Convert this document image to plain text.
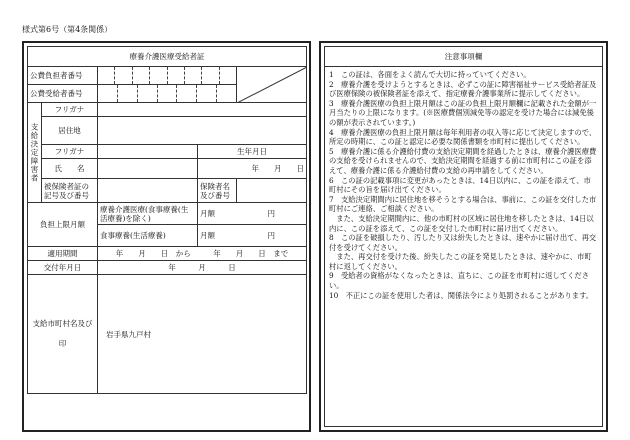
様式第6号（第4条関係）
療養介護医療受給者証				
公費負担者番号	

公費受給者番号				

支給決定障害者	フリガナ			
	居住地			
	フリガナ		生年月日	
	氏　　名		年　　月　　日	
	被保険者証の記号及び番号		保険者名及び番号	

負担上限月額		療養介護医療(食事療養(生活療養)を除く)	月額　　　　　　　円	
		食事療養(生活療養)	月額　　　　　　　円	
適用期間		年　　月　　日　から　　　年　　月　　日　まで		
交付年月日		年　　　月　　　日		
支給市町村名及び印		岩手県九戸村		
注意事項欄

1　この証は、各面をよく読んで大切に持っていてください。

2　療養介護を受けようとするときは、必ずこの証に障害福祉サービス受給者証及び医療保険の被保険者証を添えて、指定療養介護事業所に提示してください。

3　療養介護医療の負担上限月額はこの証の負担上限月額欄に記載された金額が一月当たりの上限になります。(※医療費個別減免等の認定を受けた場合には減免後の額が表示されています。)

4　療養介護医療の負担上限月額は毎年利用者の収入等に応じて決定しますので、所定の時期に、この証と認定に必要な関係書類を市町村に提出してください。

5　療養介護に係る介護給付費の支給決定期間を経過したときは、療養介護医療費の支給を受けられませんので、支給決定期間を経過する前に市町村にこの証を添えて、療養介護に係る介護給付費の支給の再申請をしてください。

6　この証の記載事項に変更があったときは、14日以内に、この証を添えて、市町村にその旨を届け出てください。

7　支給決定期間内に居住地を移そうとする場合は、事前に、この証を交付した市町村にご連絡、ご相談ください。

　また、支給決定期間内に、他の市町村の区域に居住地を移したときは、14日以内に、この証を添えて、この証を交付した市町村に届け出てください。

8　この証を破損したり、汚したり又は紛失したときは、速やかに届け出て、再交付を受けてください。

　また、再交付を受けた後、紛失したこの証を発見したときは、速やかに、市町村に返してください。

9　受給者の資格がなくなったときは、直ちに、この証を市町村に返してください。

10　不正にこの証を使用した者は、関係法令により処罰されることがあります。
